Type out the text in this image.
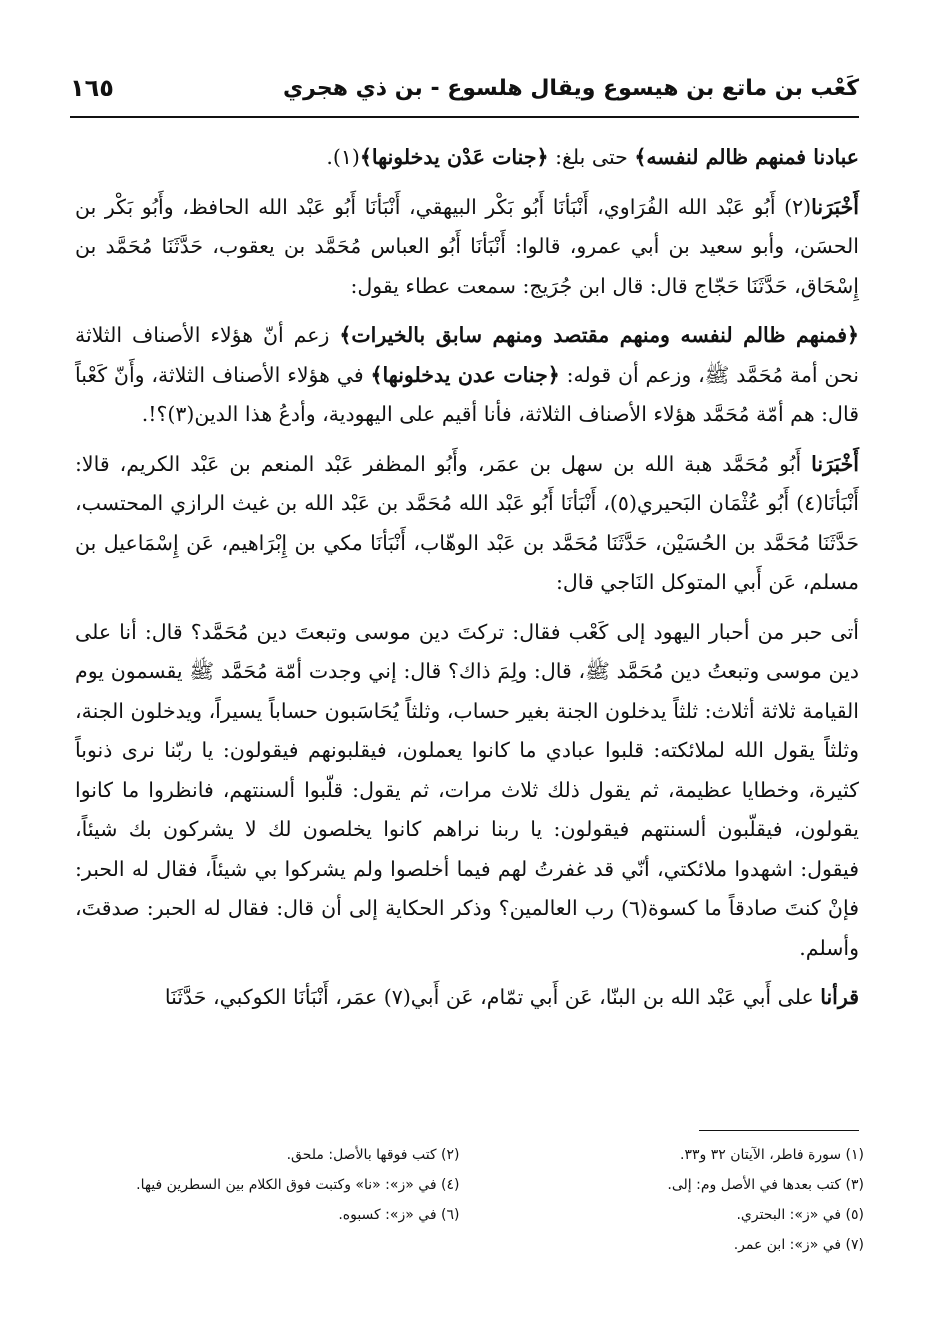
١٦٥	كَعْب بن ماتع بن هيسوع ويقال هلسوع - بن ذي هجري

عبادنا فمنهم ظالم لنفسه﴾ حتى بلغ: ﴿جنات عَدْن يدخلونها﴾(١).

أَخْبَرَنا(٢) أَبُو عَبْد الله الفُرَاوي، أَنْبَأنَا أَبُو بَكْر البيهقي، أَنْبَأنَا أَبُو عَبْد الله الحافظ، وأَبُو بَكْر بن الحسَن، وأبو سعيد بن أبي عمرو، قالوا: أَنْبَأنَا أَبُو العباس مُحَمَّد بن يعقوب، حَدَّثَنَا مُحَمَّد بن إِسْحَاق، حَدَّثَنَا حَجّاج قال: قال ابن جُرَيج: سمعت عطاء يقول:

﴿فمنهم ظالم لنفسه ومنهم مقتصد ومنهم سابق بالخيرات﴾ زعم أنّ هؤلاء الأصناف الثلاثة نحن أمة مُحَمَّد ﷺ، وزعم أن قوله: ﴿جنات عدن يدخلونها﴾ في هؤلاء الأصناف الثلاثة، وأَنّ كَعْباً قال: هم أمّة مُحَمَّد هؤلاء الأصناف الثلاثة، فأنا أقيم على اليهودية، وأدعُ هذا الدين(٣)؟!.

أَخْبَرَنا أَبُو مُحَمَّد هبة الله بن سهل بن عمَر، وأَبُو المظفر عَبْد المنعم بن عَبْد الكريم، قالا: أَنْبَأنَا(٤) أَبُو عُثْمَان البَحيري(٥)، أَنْبَأنَا أَبُو عَبْد الله مُحَمَّد بن عَبْد الله بن غيث الرازي المحتسب، حَدَّثَنَا مُحَمَّد بن الحُسَيْن، حَدَّثَنَا مُحَمَّد بن عَبْد الوهّاب، أَنْبَأنَا مكي بن إِبْرَاهيم، عَن إِسْمَاعيل بن مسلم، عَن أَبي المتوكل النَاجي قال:

أتى حبر من أحبار اليهود إلى كَعْب فقال: تركتَ دين موسى وتبعتَ دين مُحَمَّد؟ قال: أنا على دين موسى وتبعتُ دين مُحَمَّد ﷺ، قال: ولِمَ ذاك؟ قال: إني وجدت أمّة مُحَمَّد ﷺ يقسمون يوم القيامة ثلاثة أثلاث: ثلثاً يدخلون الجنة بغير حساب، وثلثاً يُحَاسَبون حساباً يسيراً، ويدخلون الجنة، وثلثاً يقول الله لملائكته: قلبوا عبادي ما كانوا يعملون، فيقلبونهم فيقولون: يا ربّنا نرى ذنوباً كثيرة، وخطايا عظيمة، ثم يقول ذلك ثلاث مرات، ثم يقول: قلّبوا ألسنتهم، فانظروا ما كانوا يقولون، فيقلّبون ألسنتهم فيقولون: يا ربنا نراهم كانوا يخلصون لك لا يشركون بك شيئاً، فيقول: اشهدوا ملائكتي، أنّي قد غفرتُ لهم فيما أخلصوا ولم يشركوا بي شيئاً، فقال له الحبر: فإنْ كنتَ صادقاً ما كسوة(٦) رب العالمين؟ وذكر الحكاية إلى أن قال: فقال له الحبر: صدقتَ، وأسلم.

قرأنا على أَبي عَبْد الله بن البنّا، عَن أَبي تمّام، عَن أَبي(٧) عمَر، أَنْبَأنَا الكوكبي، حَدَّثَنَا

(١) سورة فاطر، الآيتان ٣٢ و٣٣.
(٢) كتب فوقها بالأصل: ملحق.
(٣) كتب بعدها في الأصل وم: إلى.
(٤) في «ز»: «نا» وكتبت فوق الكلام بين السطرين فيها.
(٥) في «ز»: البحتري.
(٦) في «ز»: كسبوه.
(٧) في «ز»: ابن عمر.
